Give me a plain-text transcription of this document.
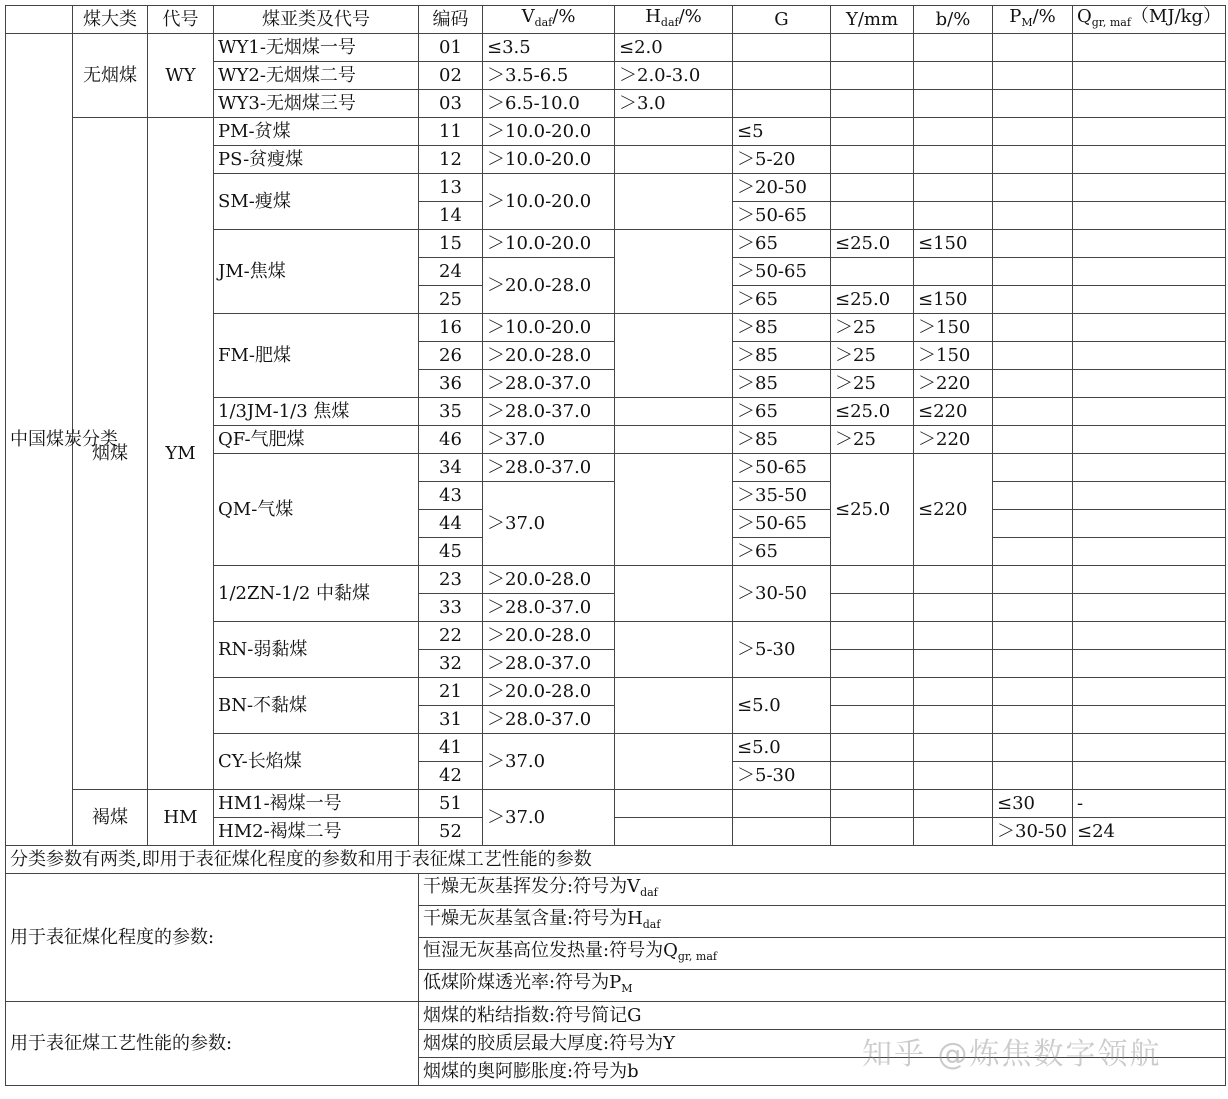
	煤大类	代号	煤亚类及代号	编码	$V_{daf}/\%$	$H_{daf}/\%$	G	Y/mm	b/%	$P_M/\%$	$Q_{gr, maf}(MJ/kg)$
中国煤炭分类	无烟煤	WY	WY1-无烟煤一号	01	≤3.5	≤2.0					
			WY2-无烟煤二号	02	＞3.5-6.5	＞2.0-3.0					
			WY3-无烟煤三号	03	＞6.5-10.0	＞3.0					
	烟煤	YM	PM-贫煤	11	＞10.0-20.0		≤5				
			PS-贫瘦煤	12	＞10.0-20.0		＞5-20				
			SM-瘦煤	13	＞10.0-20.0		＞20-50				
				14			＞50-65				
			JM-焦煤	15	＞10.0-20.0		＞65	≤25.0	≤150		
				24	＞20.0-28.0		＞50-65				
				25			＞65	≤25.0	≤150		
			FM-肥煤	16	＞10.0-20.0		＞85	＞25	＞150		
				26	＞20.0-28.0		＞85	＞25	＞150		
				36	＞28.0-37.0		＞85	＞25	＞220		
			1/3JM-1/3 焦煤	35	＞28.0-37.0		＞65	≤25.0	≤220		
			QF-气肥煤	46	＞37.0		＞85	＞25	＞220		
			QM-气煤	34	＞28.0-37.0		＞50-65	≤25.0	≤220		
				43	＞37.0		＞35-50				
				44			＞50-65				
				45			＞65				
			1/2ZN-1/2 中黏煤	23	＞20.0-28.0		＞30-50				
				33	＞28.0-37.0						
			RN-弱黏煤	22	＞20.0-28.0		＞5-30				
				32	＞28.0-37.0						
			BN-不黏煤	21	＞20.0-28.0		≤5.0				
				31	＞28.0-37.0						
			CY-长焰煤	41	＞37.0		≤5.0				
				42			＞5-30				
	褐煤	HM	HM1-褐煤一号	51	＞37.0					≤30	-
			HM2-褐煤二号	52						＞30-50	≤24
分类参数有两类,即用于表征煤化程度的参数和用于表征煤工艺性能的参数											
用于表征煤化程度的参数:				干燥无灰基挥发分:符号为$V_{daf}$
				干燥无灰基氢含量:符号为$H_{daf}$
				恒湿无灰基高位发热量:符号为$Q_{gr, maf}$
				低煤阶煤透光率:符号为$P_M$
用于表征煤工艺性能的参数:				烟煤的粘结指数:符号简记G							
				烟煤的胶质层最大厚度:符号为Y							
				烟煤的奥阿膨胀度:符号为b								知乎 @炼焦数字领航
